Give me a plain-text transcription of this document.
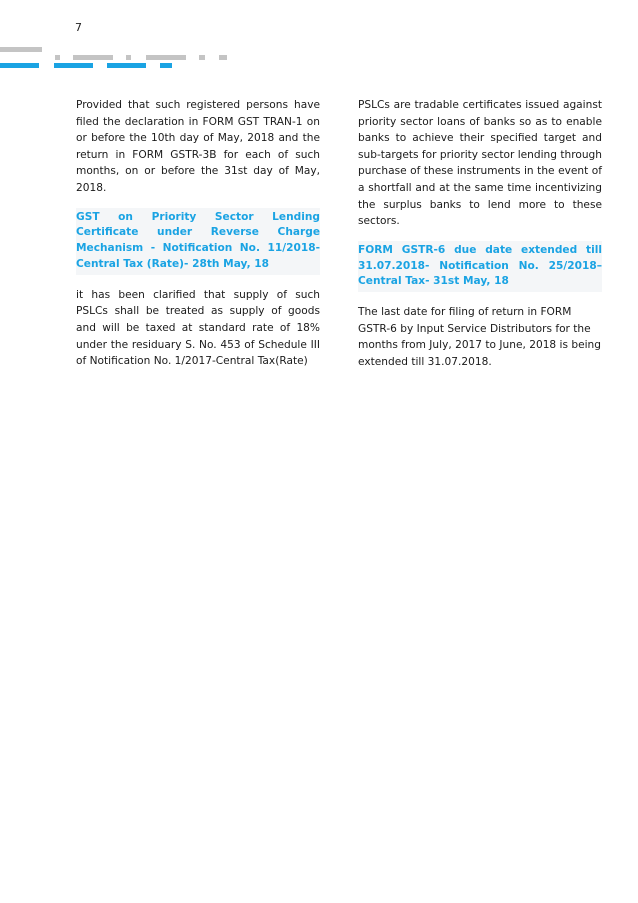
7

Provided that such registered persons have filed the declaration in FORM GST TRAN-1 on or before the 10th day of May, 2018 and the return in FORM GSTR-3B for each of such months, on or before the 31st day of May, 2018.

GST on Priority Sector Lending Certificate under Reverse Charge Mechanism - Notification No. 11/2018-Central Tax (Rate)- 28th May, 18

it has been clarified that supply of such PSLCs shall be treated as supply of goods and will be taxed at standard rate of 18% under the residuary S. No. 453 of Schedule III of Notification No. 1/2017-Central Tax(Rate)

PSLCs are tradable certificates issued against priority sector loans of banks so as to enable banks to achieve their specified target and sub-targets for priority sector lending through purchase of these instruments in the event of a shortfall and at the same time incentivizing the surplus banks to lend more to these sectors.

FORM GSTR-6 due date extended till 31.07.2018- Notification No. 25/2018– Central Tax- 31st May, 18

The last date for filing of return in FORM GSTR-6 by Input Service Distributors for the months from July, 2017 to June, 2018 is being extended till 31.07.2018.
